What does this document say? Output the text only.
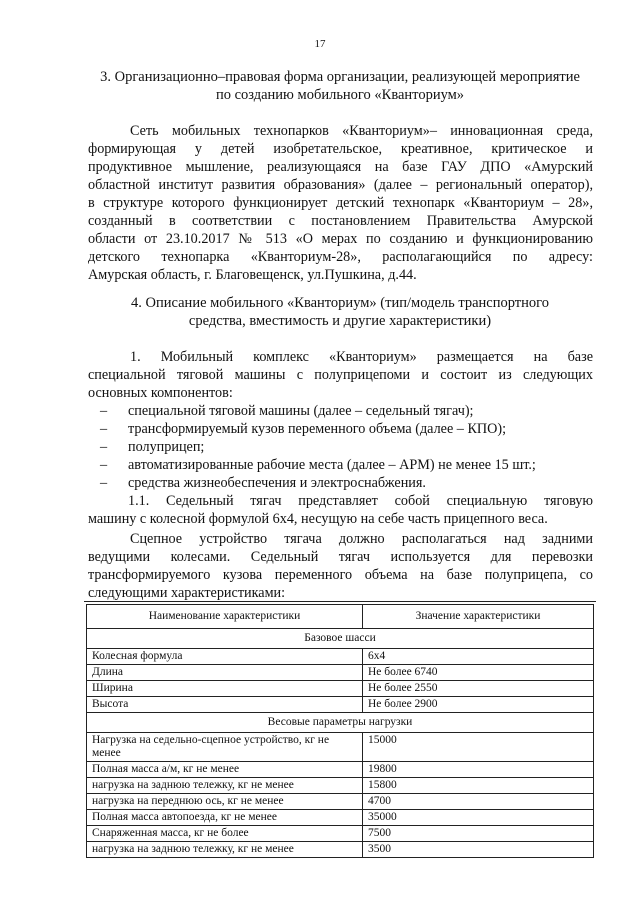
17
3. Организационно–правовая форма организации, реализующей мероприятие
по созданию мобильного «Кванториум»
Сеть мобильных технопарков «Кванториум»– инновационная среда,
формирующая у детей изобретательское, креативное, критическое и
продуктивное мышление, реализующаяся на базе ГАУ ДПО «Амурский
областной институт развития образования» (далее – региональный оператор),
в структуре которого функционирует детский технопарк «Кванториум – 28»,
созданный в соответствии с постановлением Правительства Амурской
области от 23.10.2017 № 513 «О мерах по созданию и функционированию
детского технопарка «Кванториум-28», располагающийся по адресу:
Амурская область, г. Благовещенск, ул.Пушкина, д.44.
4. Описание мобильного «Кванториум» (тип/модель транспортного
средства, вместимость и другие характеристики)
1. Мобильный комплекс «Кванториум» размещается на базе
специальной тяговой машины с полуприцепоми и состоит из следующих
основных компонентов:
– специальной тяговой машины (далее – седельный тягач);
– трансформируемый кузов переменного объема (далее – КПО);
– полуприцеп;
– автоматизированные рабочие места (далее – АРМ) не менее 15 шт.;
– средства жизнеобеспечения и электроснабжения.
1.1. Седельный тягач представляет собой специальную тяговую
машину с колесной формулой 6х4, несущую на себе часть прицепного веса.
Сцепное устройство тягача должно располагаться над задними
ведущими колесами. Седельный тягач используется для перевозки
трансформируемого кузова переменного объема на базе полуприцепа, со
следующими характеристиками:
Наименование характеристики	Значение характеристики
Базовое шасси	
Колесная формула	6х4
Длина	Не более 6740
Ширина	Не более 2550
Высота	Не более 2900
Весовые параметры нагрузки	
Нагрузка на седельно-сцепное устройство, кг не менее	15000
Полная масса а/м, кг не менее	19800
нагрузка на заднюю тележку, кг не менее	15800
нагрузка на переднюю ось, кг не менее	4700
Полная масса автопоезда, кг не менее	35000
Снаряженная масса, кг не более	7500
нагрузка на заднюю тележку, кг не менее	3500
